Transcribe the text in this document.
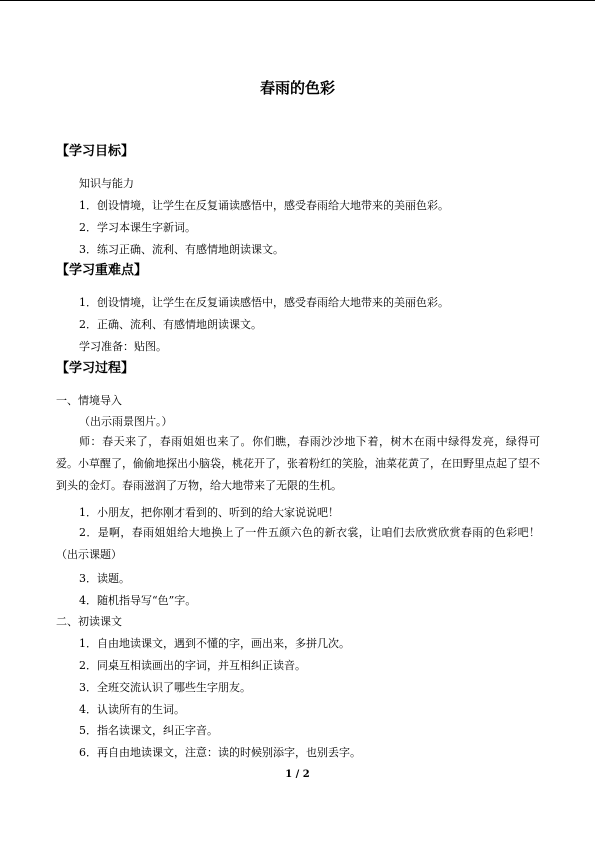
春雨的色彩
【学习目标】
知识与能力
1．创设情境，让学生在反复诵读感悟中，感受春雨给大地带来的美丽色彩。
2．学习本课生字新词。
3．练习正确、流利、有感情地朗读课文。
【学习重难点】
1．创设情境，让学生在反复诵读感悟中，感受春雨给大地带来的美丽色彩。
2．正确、流利、有感情地朗读课文。
学习准备：贴图。
【学习过程】
一、情境导入
（出示雨景图片。）

师：春天来了，春雨姐姐也来了。你们瞧，春雨沙沙地下着，树木在雨中绿得发亮，绿得可爱。小草醒了，偷偷地探出小脑袋，桃花开了，张着粉红的笑脸，油菜花黄了，在田野里点起了望不到头的金灯。春雨滋润了万物，给大地带来了无限的生机。

1．小朋友，把你刚才看到的、听到的给大家说说吧！

2．是啊，春雨姐姐给大地换上了一件五颜六色的新衣裳，让咱们去欣赏欣赏春雨的色彩吧！（出示课题）

3．读题。
4．随机指导写“色”字。
二、初读课文
1．自由地读课文，遇到不懂的字，画出来，多拼几次。
2．同桌互相读画出的字词，并互相纠正读音。
3．全班交流认识了哪些生字朋友。
4．认读所有的生词。
5．指名读课文，纠正字音。
6．再自由地读课文，注意：读的时候别添字，也别丢字。
1 / 2
